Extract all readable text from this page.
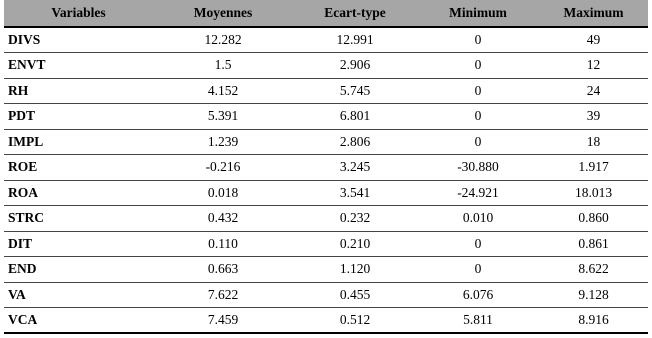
Variables	Moyennes	Ecart-type	Minimum	Maximum
DIVS	12.282	12.991	0	49
ENVT	1.5	2.906	0	12
RH	4.152	5.745	0	24
PDT	5.391	6.801	0	39
IMPL	1.239	2.806	0	18
ROE	-0.216	3.245	-30.880	1.917
ROA	0.018	3.541	-24.921	18.013
STRC	0.432	0.232	0.010	0.860
DIT	0.110	0.210	0	0.861
END	0.663	1.120	0	8.622
VA	7.622	0.455	6.076	9.128
VCA	7.459	0.512	5.811	8.916
